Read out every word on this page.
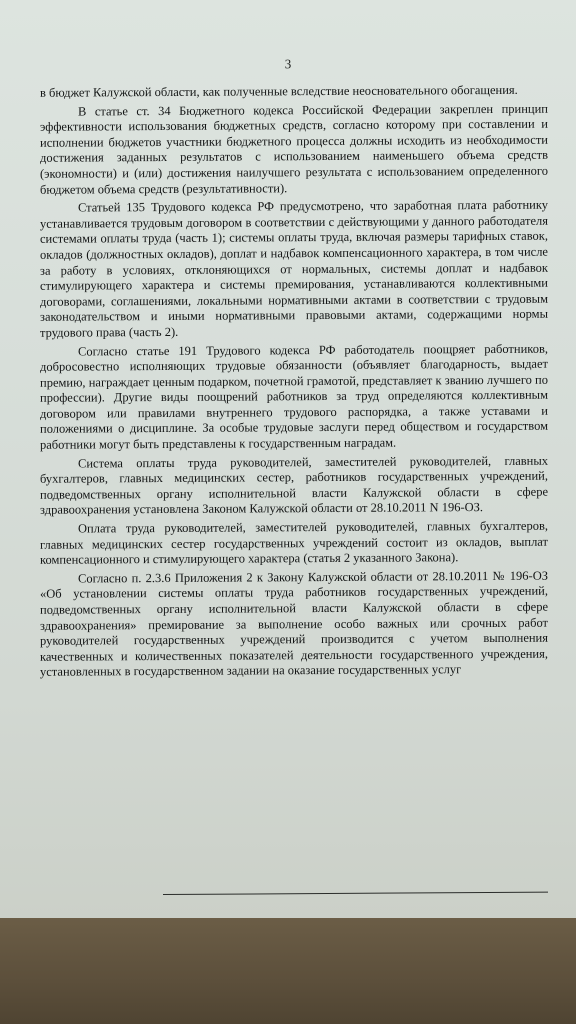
3

в бюджет Калужской области, как полученные вследствие неосновательного обогащения.

В статье ст. 34 Бюджетного кодекса Российской Федерации закреплен принцип эффективности использования бюджетных средств, согласно которому при составлении и исполнении бюджетов участники бюджетного процесса должны исходить из необходимости достижения заданных результатов с использованием наименьшего объема средств (экономности) и (или) достижения наилучшего результата с использованием определенного бюджетом объема средств (результативности).

Статьей 135 Трудового кодекса РФ предусмотрено, что заработная плата работнику устанавливается трудовым договором в соответствии с действующими у данного работодателя системами оплаты труда (часть 1); системы оплаты труда, включая размеры тарифных ставок, окладов (должностных окладов), доплат и надбавок компенсационного характера, в том числе за работу в условиях, отклоняющихся от нормальных, системы доплат и надбавок стимулирующего характера и системы премирования, устанавливаются коллективными договорами, соглашениями, локальными нормативными актами в соответствии с трудовым законодательством и иными нормативными правовыми актами, содержащими нормы трудового права (часть 2).

Согласно статье 191 Трудового кодекса РФ работодатель поощряет работников, добросовестно исполняющих трудовые обязанности (объявляет благодарность, выдает премию, награждает ценным подарком, почетной грамотой, представляет к званию лучшего по профессии). Другие виды поощрений работников за труд определяются коллективным договором или правилами внутреннего трудового распорядка, а также уставами и положениями о дисциплине. За особые трудовые заслуги перед обществом и государством работники могут быть представлены к государственным наградам.

Система оплаты труда руководителей, заместителей руководителей, главных бухгалтеров, главных медицинских сестер, работников государственных учреждений, подведомственных органу исполнительной власти Калужской области в сфере здравоохранения установлена Законом Калужской области от 28.10.2011 N 196-ОЗ.

Оплата труда руководителей, заместителей руководителей, главных бухгалтеров, главных медицинских сестер государственных учреждений состоит из окладов, выплат компенсационного и стимулирующего характера (статья 2 указанного Закона).

Согласно п. 2.3.6 Приложения 2 к Закону Калужской области от 28.10.2011 № 196-ОЗ «Об установлении системы оплаты труда работников государственных учреждений, подведомственных органу исполнительной власти Калужской области в сфере здравоохранения» премирование за выполнение особо важных или срочных работ руководителей государственных учреждений производится с учетом выполнения качественных и количественных показателей деятельности государственного учреждения, установленных в государственном задании на оказание государственных услуг
